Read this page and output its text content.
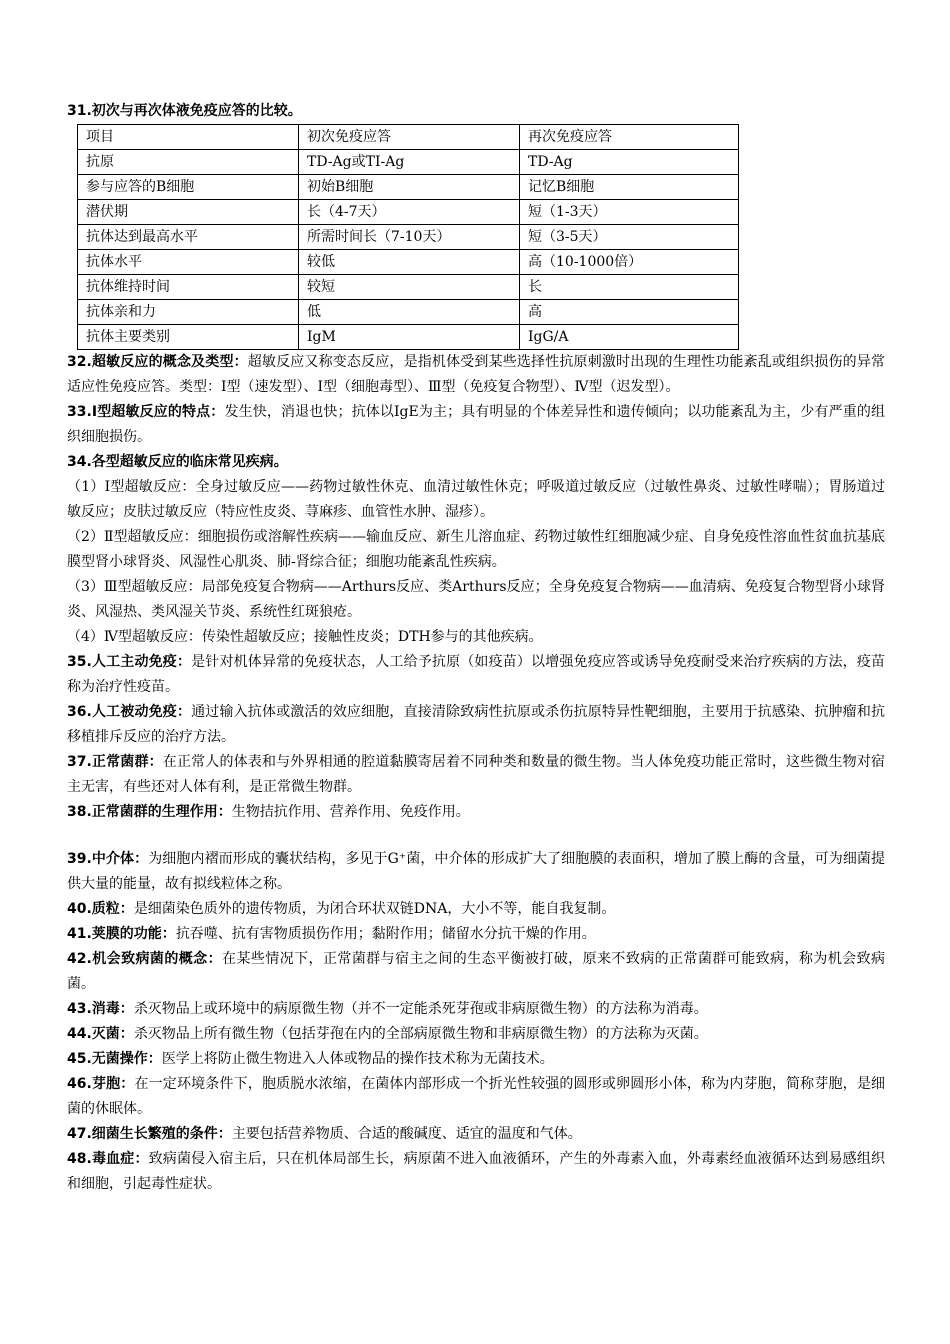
31.初次与再次体液免疫应答的比较。
项目	初次免疫应答	再次免疫应答
抗原	TD-Ag或TI-Ag	TD-Ag
参与应答的B细胞	初始B细胞	记忆B细胞
潜伏期	长（4-7天）	短（1-3天）
抗体达到最高水平	所需时间长（7-10天）	短（3-5天）
抗体水平	较低	高（10-1000倍）
抗体维持时间	较短	长
抗体亲和力	低	高
抗体主要类别	IgM	IgG/A

32.超敏反应的概念及类型：超敏反应又称变态反应，是指机体受到某些选择性抗原刺激时出现的生理性功能紊乱或组织损伤的异常适应性免疫应答。类型：Ⅰ型（速发型）、Ⅰ型（细胞毒型）、Ⅲ型（免疫复合物型）、Ⅳ型（迟发型）。

33.Ⅰ型超敏反应的特点：发生快，消退也快；抗体以IgE为主；具有明显的个体差异性和遗传倾向；以功能紊乱为主，少有严重的组织细胞损伤。

34.各型超敏反应的临床常见疾病。

（1）Ⅰ型超敏反应：全身过敏反应——药物过敏性休克、血清过敏性休克；呼吸道过敏反应（过敏性鼻炎、过敏性哮喘）；胃肠道过敏反应；皮肤过敏反应（特应性皮炎、荨麻疹、血管性水肿、湿疹）。

（2）Ⅱ型超敏反应：细胞损伤或溶解性疾病——输血反应、新生儿溶血症、药物过敏性红细胞减少症、自身免疫性溶血性贫血抗基底膜型肾小球肾炎、风湿性心肌炎、肺-肾综合征；细胞功能紊乱性疾病。

（3）Ⅲ型超敏反应：局部免疫复合物病——Arthurs反应、类Arthurs反应；全身免疫复合物病——血清病、免疫复合物型肾小球肾炎、风湿热、类风湿关节炎、系统性红斑狼疮。

（4）Ⅳ型超敏反应：传染性超敏反应；接触性皮炎；DTH参与的其他疾病。

35.人工主动免疫：是针对机体异常的免疫状态，人工给予抗原（如疫苗）以增强免疫应答或诱导免疫耐受来治疗疾病的方法，疫苗称为治疗性疫苗。

36.人工被动免疫：通过输入抗体或激活的效应细胞，直接清除致病性抗原或杀伤抗原特异性靶细胞，主要用于抗感染、抗肿瘤和抗移植排斥反应的治疗方法。

37.正常菌群：在正常人的体表和与外界相通的腔道黏膜寄居着不同种类和数量的微生物。当人体免疫功能正常时，这些微生物对宿主无害，有些还对人体有利，是正常微生物群。

38.正常菌群的生理作用：生物拮抗作用、营养作用、免疫作用。

39.中介体：为细胞内褶而形成的囊状结构，多见于G⁺菌，中介体的形成扩大了细胞膜的表面积，增加了膜上酶的含量，可为细菌提供大量的能量，故有拟线粒体之称。

40.质粒：是细菌染色质外的遗传物质，为闭合环状双链DNA，大小不等，能自我复制。

41.荚膜的功能：抗吞噬、抗有害物质损伤作用；黏附作用；储留水分抗干燥的作用。

42.机会致病菌的概念：在某些情况下，正常菌群与宿主之间的生态平衡被打破，原来不致病的正常菌群可能致病，称为机会致病菌。

43.消毒：杀灭物品上或环境中的病原微生物（并不一定能杀死芽孢或非病原微生物）的方法称为消毒。

44.灭菌：杀灭物品上所有微生物（包括芽孢在内的全部病原微生物和非病原微生物）的方法称为灭菌。

45.无菌操作：医学上将防止微生物进入人体或物品的操作技术称为无菌技术。

46.芽胞：在一定环境条件下，胞质脱水浓缩，在菌体内部形成一个折光性较强的圆形或卵圆形小体，称为内芽胞，简称芽胞，是细菌的休眠体。

47.细菌生长繁殖的条件：主要包括营养物质、合适的酸碱度、适宜的温度和气体。

48.毒血症：致病菌侵入宿主后，只在机体局部生长，病原菌不进入血液循环，产生的外毒素入血，外毒素经血液循环达到易感组织和细胞，引起毒性症状。
